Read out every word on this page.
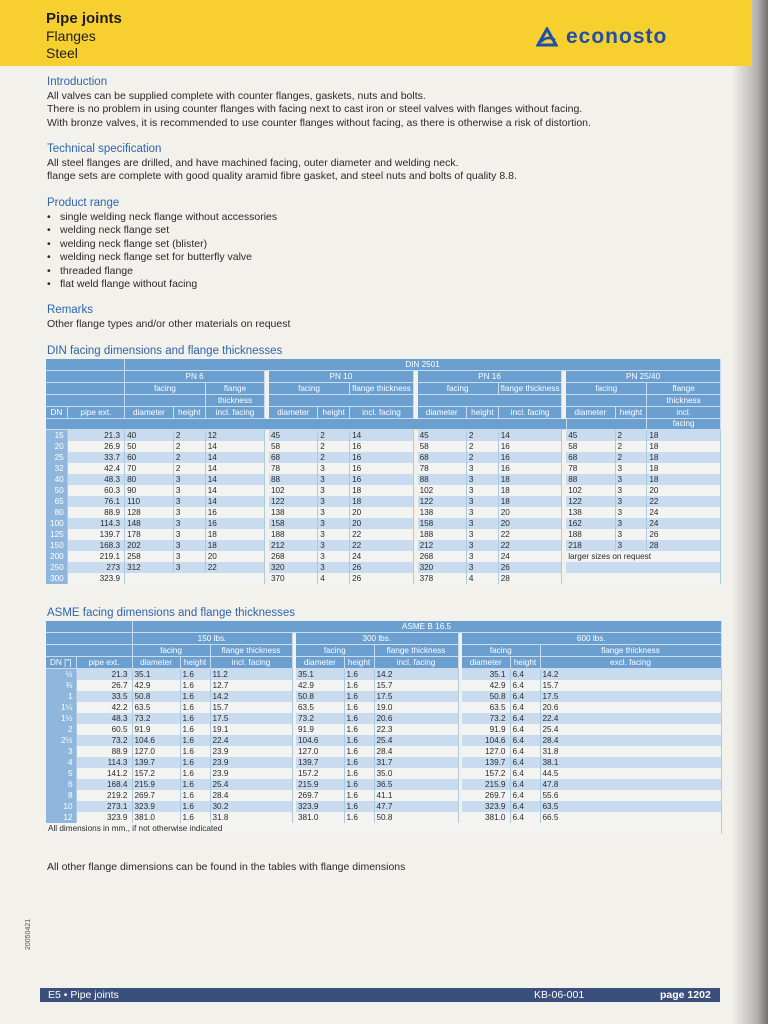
Pipe joints
Flanges
Steel
econosto
Introduction
All valves can be supplied complete with counter flanges, gaskets, nuts and bolts.
There is no problem in using counter flanges with facing next to cast iron or steel valves with flanges without facing.
With bronze valves, it is recommended to use counter flanges without facing, as there is otherwise a risk of distortion.
Technical specification
All steel flanges are drilled, and have machined facing, outer diameter and welding neck.
flange sets are complete with good quality aramid fibre gasket, and steel nuts and bolts of quality 8.8.
Product range
• single welding neck flange without accessories
• welding neck flange set
• welding neck flange set (blister)
• welding neck flange set for butterfly valve
• threaded flange
• flat weld flange without facing
Remarks
Other flange types and/or other materials on request
DIN facing dimensions and flange thicknesses
		DIN 2501														
		PN 6				PN 10				PN 16				PN 25/40		
		facing		flange		facing		flange thickness		facing		flange thickness		facing		flange
				thickness												thickness
DN	pipe ext.	diameter	height	incl. facing		diameter	height	incl. facing		diameter	height	incl. facing		diameter	height	incl.
																facing
15	21.3	40	2	12		45	2	14		45	2	14		45	2	18
20	26.9	50	2	14		58	2	16		58	2	16		58	2	18
25	33.7	60	2	14		68	2	16		68	2	16		68	2	18
32	42.4	70	2	14		78	3	16		78	3	16		78	3	18
40	48.3	80	3	14		88	3	16		88	3	18		88	3	18
50	60.3	90	3	14		102	3	18		102	3	18		102	3	20
65	76.1	110	3	14		122	3	18		122	3	18		122	3	22
80	88.9	128	3	16		138	3	20		138	3	20		138	3	24
100	114.3	148	3	16		158	3	20		158	3	20		162	3	24
125	139.7	178	3	18		188	3	22		188	3	22		188	3	26
150	168.3	202	3	18		212	3	22		212	3	22		218	3	28
200	219.1	258	3	20		268	3	24		268	3	24		larger sizes on request		
250	273	312	3	22		320	3	26		320	3	26				
300	323.9					370	4	26		378	4	28				
ASME facing dimensions and flange thicknesses
		ASME B 16.5										
		150 lbs.				300 lbs.				600 lbs.		
		facing		flange thickness		facing		flange thickness		facing		flange thickness
DN ["]	pipe ext.	diameter	height	incl. facing		diameter	height	incl. facing		diameter	height	excl. facing
½	21.3	35.1	1.6	11.2		35.1	1.6	14.2		35.1	6.4	14.2
¾	26.7	42.9	1.6	12.7		42.9	1.6	15.7		42.9	6.4	15.7
1	33.5	50.8	1.6	14.2		50.8	1.6	17.5		50.8	6.4	17.5
1¼	42.2	63.5	1.6	15.7		63.5	1.6	19.0		63.5	6.4	20.6
1½	48.3	73.2	1.6	17.5		73.2	1.6	20.6		73.2	6.4	22.4
2	60.5	91.9	1.6	19.1		91.9	1.6	22.3		91.9	6.4	25.4
2½	73.2	104.6	1.6	22.4		104.6	1.6	25.4		104.6	6.4	28.4
3	88.9	127.0	1.6	23.9		127.0	1.6	28.4		127.0	6.4	31.8
4	114.3	139.7	1.6	23.9		139.7	1.6	31.7		139.7	6.4	38.1
5	141.2	157.2	1.6	23.9		157.2	1.6	35.0		157.2	6.4	44.5
6	168.4	215.9	1.6	25.4		215.9	1.6	36.5		215.9	6.4	47.8
8	219.2	269.7	1.6	28.4		269.7	1.6	41.1		269.7	6.4	55.6
10	273.1	323.9	1.6	30.2		323.9	1.6	47.7		323.9	6.4	63.5
12	323.9	381.0	1.6	31.8		381.0	1.6	50.8		381.0	6.4	66.5
All dimensions in mm., if not otherwise indicated												
All other flange dimensions can be found in the tables with flange dimensions
20050421
E5 • Pipe joints	KB-06-001	page 1202
